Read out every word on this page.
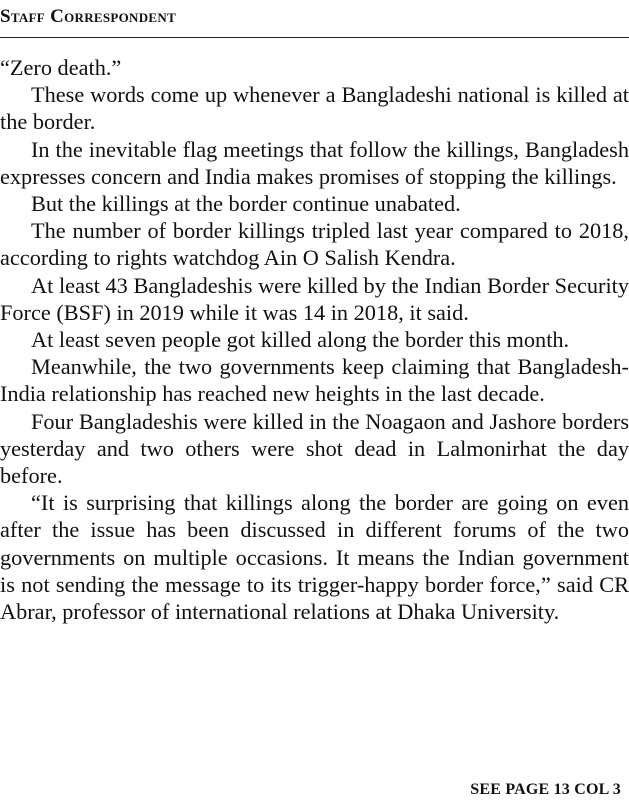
Staff Correspondent

“Zero death.”

These words come up whenever a Bangladeshi national is killed at the border.

In the inevitable flag meetings that follow the killings, Bangladesh expresses concern and India makes promises of stopping the killings.

But the killings at the border continue unabated.

The number of border killings tripled last year compared to 2018, according to rights watchdog Ain O Salish Kendra.

At least 43 Bangladeshis were killed by the Indian Border Security Force (BSF) in 2019 while it was 14 in 2018, it said.

At least seven people got killed along the border this month.

Meanwhile, the two governments keep claiming that Bangladesh-India relationship has reached new heights in the last decade.

Four Bangladeshis were killed in the Noagaon and Jashore borders yesterday and two others were shot dead in Lalmonirhat the day before.

“It is surprising that killings along the border are going on even after the issue has been discussed in different forums of the two governments on multiple occasions. It means the Indian government is not sending the message to its trigger-happy border force,” said CR Abrar, professor of international relations at Dhaka University.

SEE PAGE 13 COL 3
